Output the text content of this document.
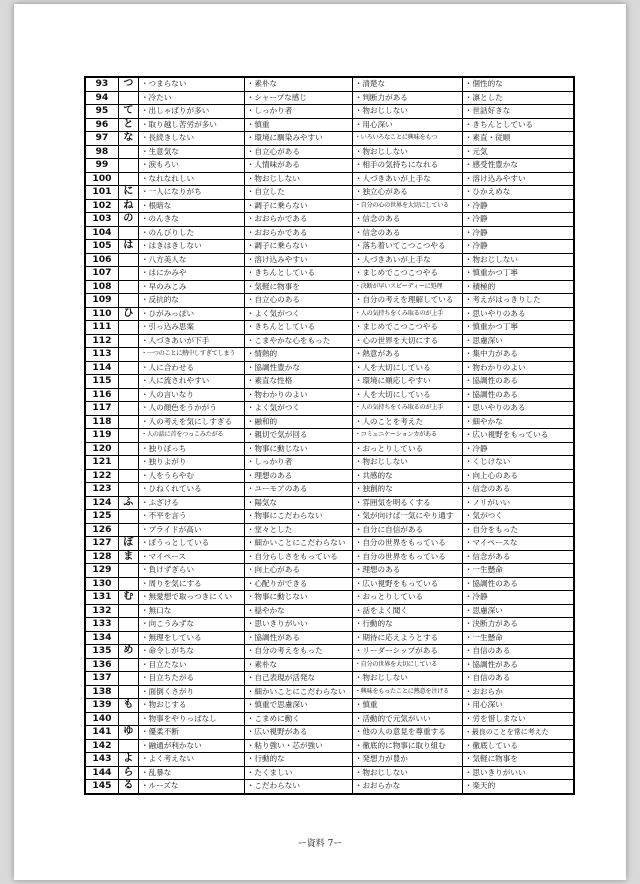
93	つ	・つまらない	・素朴な	・清楚な	・個性的な
94		・冷たい	・シャープな感じ	・判断力がある	・凛とした
95	て	・出しゃばりが多い	・しっかり者	・物おじしない	・世話好きな
96	と	・取り越し苦労が多い	・慎重	・用心深い	・きちんとしている
97	な	・長続きしない	・環境に馴染みやすい	・いろいろなことに興味をもつ	・素直・従順
98		・生意気な	・自立心がある	・物おじしない	・元気
99		・涙もろい	・人情味がある	・相手の気持ちになれる	・感受性豊かな
100		・なれなれしい	・物おじしない	・人づきあいが上手な	・溶け込みやすい
101	に	・一人になりがち	・自立した	・独立心がある	・ひかえめな
102	ね	・根暗な	・調子に乗らない	・自分の心の世界を大切にしている	・冷静
103	の	・のんきな	・おおらかである	・信念のある	・冷静
104		・のんびりした	・おおらかである	・信念のある	・冷静
105	は	・はきはきしない	・調子に乗らない	・落ち着いてこつこつやる	・冷静
106		・八方美人な	・溶け込みやすい	・人づきあいが上手な	・物おじしない
107		・はにかみや	・きちんとしている	・まじめでこつこつやる	・慎重かつ丁寧
108		・早のみこみ	・気軽に物事を	・決断が早いスピーディーに処理	・積極的
109		・反抗的な	・自立心のある	・自分の考えを理解している	・考えがはっきりした
110	ひ	・ひがみっぽい	・よく気がつく	・人の気持ちをくみ取るのが上手	・思いやりのある
111		・引っ込み思案	・きちんとしている	・まじめでこつこつやる	・慎重かつ丁寧
112		・人づきあいが下手	・こまやかな心をもった	・心の世界を大切にする	・思慮深い
113		・一つのことに熱中しすぎてしまう	・情熱的	・熱意がある	・集中力がある
114		・人に合わせる	・協調性豊かな	・人を大切にしている	・物わかりのよい
115		・人に流されやすい	・素直な性格	・環境に順応しやすい	・協調性のある
116		・人の言いなり	・物わかりのよい	・人を大切にしている	・協調性のある
117		・人の顔色をうかがう	・よく気がつく	・人の気持ちをくみ取るのが上手	・思いやりのある
118		・人の考えを気にしすぎる	・融和的	・人のことを考えた	・細やかな
119		・人の話に首をつっこみたがる	・親切で気が回る	・コミュニケーションカがある	・広い視野をもっている
120		・独りぼっち	・物事に動じない	・おっとりしている	・冷静
121		・独りよがり	・しっかり者	・物おじしない	・くじけない
122		・人をうらやむ	・理想のある	・共感的な	・向上心のある
123		・ひねくれている	・ユーモアのある	・独創的な	・信念のある
124	ふ	・ふざける	・陽気な	・雰囲気を明るくする	・ノリがいい
125		・不平を言う	・物事にこだわらない	・気が向けば一気にやり通す	・気がつく
126		・プライドが高い	・堂々とした	・自分に自信がある	・自分をもった
127	ぼ	・ぼうっとしている	・細かいことにこだわらない	・自分の世界をもっている	・マイペースな
128	ま	・マイペース	・自分らしさをもっている	・自分の世界をもっている	・信念がある
129		・負けずぎらい	・向上心がある	・理想のある	・一生懸命
130		・周りを気にする	・心配りができる	・広い視野をもっている	・協調性のある
131	む	・無愛想で取っつきにくい	・物事に動じない	・おっとりしている	・冷静
132		・無口な	・穏やかな	・話をよく聞く	・思慮深い
133		・向こうみずな	・思いきりがいい	・行動的な	・決断力がある
134		・無理をしている	・協調性がある	・期待に応えようとする	・一生懸命
135	め	・命令しがちな	・自分の考えをもった	・リーダーシップがある	・自信のある
136		・目立たない	・素朴な	・自分の世界を大切にしている	・協調性がある
137		・目立ちたがる	・自己表現が活発な	・物おじしない	・自信のある
138		・面倒くさがり	・細かいことにこだわらない	・興味をもったことに熱意を注げる	・おおらか
139	も	・物おじする	・慎重で思慮深い	・慎重	・用心深い
140		・物事をやりっぱなし	・こまめに動く	・活動的で元気がいい	・労を惜しまない
141	ゆ	・優柔不断	・広い視野がある	・他の人の意見を尊重する	・最良のことを常に考えた
142		・融通が利かない	・粘り強い・芯が強い	・徹底的に物事に取り組む	・徹底している
143	よ	・よく考えない	・行動的な	・発想力が豊か	・気軽に物事を
144	ら	・乱暴な	・たくましい	・物おじしない	・思いきりがいい
145	る	・ルーズな	・こだわらない	・おおらかな	・楽天的
ー資料 7ー
